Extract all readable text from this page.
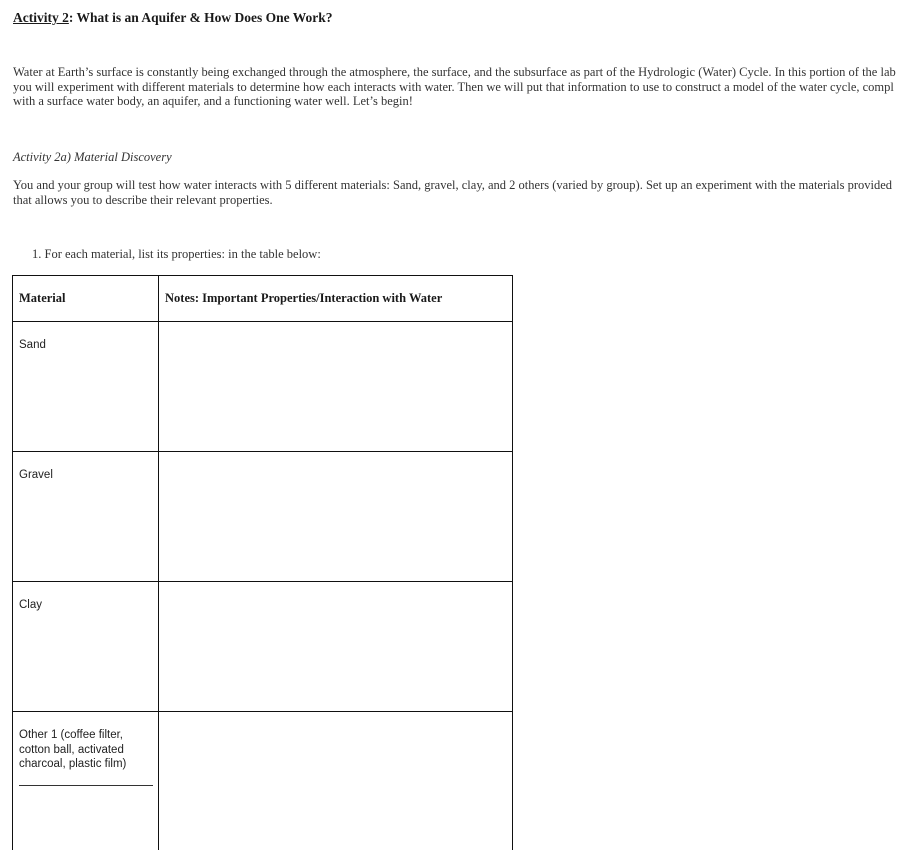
Activity 2: What is an Aquifer & How Does One Work?
Water at Earth’s surface is constantly being exchanged through the atmosphere, the surface, and the subsurface as part of the Hydrologic (Water) Cycle. In this portion of the lab
you will experiment with different materials to determine how each interacts with water. Then we will put that information to use to construct a model of the water cycle, compl
with a surface water body, an aquifer, and a functioning water well. Let’s begin!
Activity 2a) Material Discovery
You and your group will test how water interacts with 5 different materials: Sand, gravel, clay, and 2 others (varied by group). Set up an experiment with the materials provided
that allows you to describe their relevant properties.
1. For each material, list its properties: in the table below:
Material	Notes: Important Properties/Interaction with Water
Sand	
Gravel	
Clay	
Other 1 (coffee filter, cotton ball, activated charcoal, plastic film)
